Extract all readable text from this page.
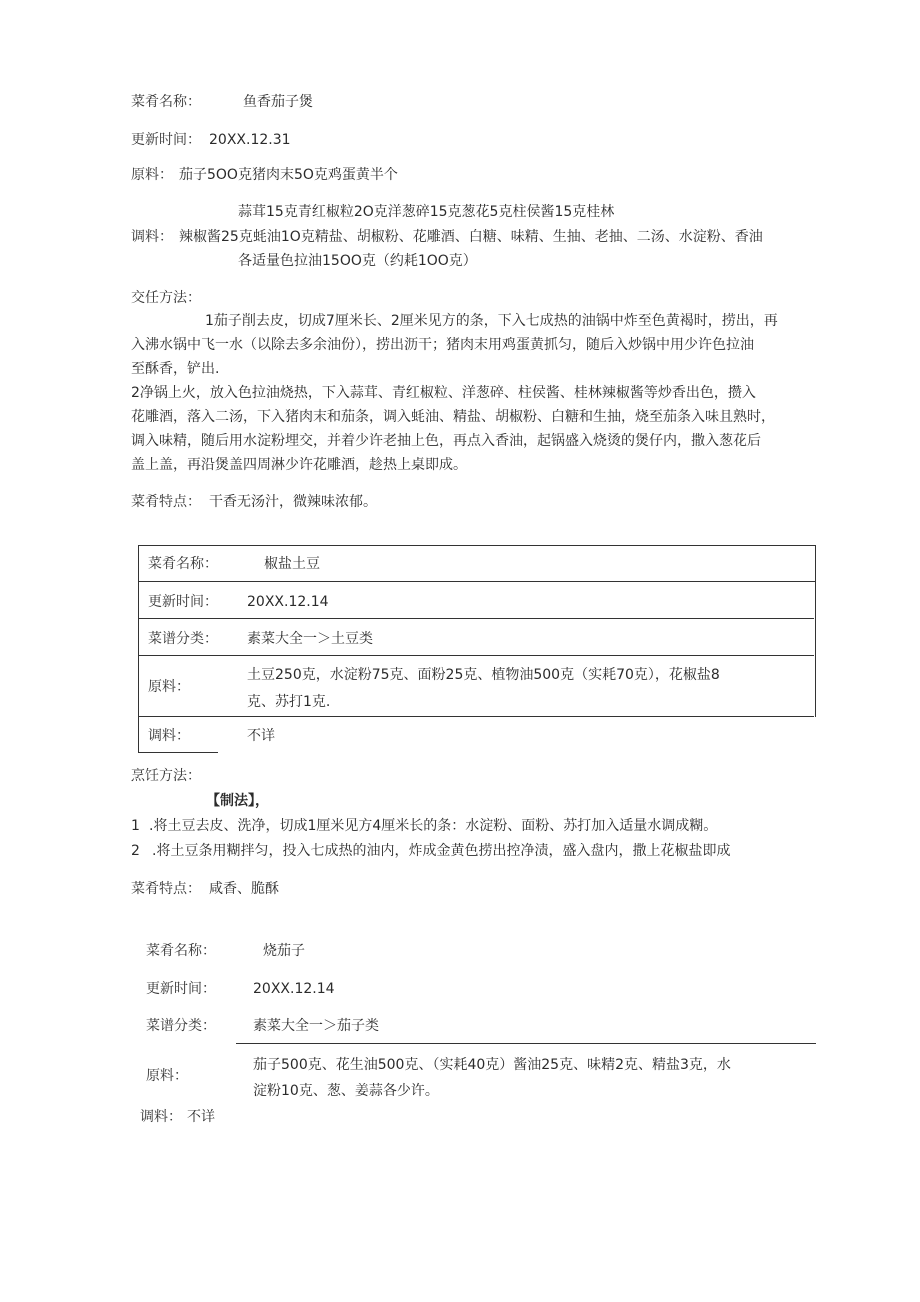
菜肴名称：	鱼香茄子煲
更新时间： 20XX.12.31
原料： 茄子5OO克猪肉末5O克鸡蛋黄半个
蒜茸15克青红椒粒2O克洋葱碎15克葱花5克柱侯酱15克桂林
调料： 辣椒酱25克蚝油1O克精盐、胡椒粉、花雕酒、白糖、味精、生抽、老抽、二汤、水淀粉、香油
各适量色拉油15OO克（约耗1OO克）
交任方法：
1茄子削去皮，切成7厘米长、2厘米见方的条，下入七成热的油锅中炸至色黄褐时，捞出，再
入沸水锅中飞一水（以除去多余油份），捞出沥干；猪肉末用鸡蛋黄抓匀，随后入炒锅中用少许色拉油
至酥香，铲出.
2净锅上火，放入色拉油烧热，下入蒜茸、青红椒粒、洋葱碎、柱侯酱、桂林辣椒酱等炒香出色，攒入
花雕酒，落入二汤，下入猪肉末和茄条，调入蚝油、精盐、胡椒粉、白糖和生抽，烧至茄条入味且熟时，
调入味精，随后用水淀粉埋交，并着少许老抽上色，再点入香油，起锅盛入烧烫的煲仔内，撒入葱花后
盖上盖，再沿煲盖四周淋少许花雕酒，趁热上桌即成。
菜肴特点： 干香无汤汁，微辣味浓郁。
菜肴名称：	椒盐土豆
更新时间： 20XX.12.14
菜谱分类： 素菜大全一＞土豆类
原料：
土豆250克，水淀粉75克、面粉25克、植物油500克（实耗70克），花椒盐8
克、苏打1克.
调料：	不详
烹饪方法：
【制法】，
1 .将土豆去皮、洗净，切成1厘米见方4厘米长的条：水淀粉、面粉、苏打加入适量水调成糊。
2 .将土豆条用糊拌匀，投入七成热的油内，炸成金黄色捞出控净渍，盛入盘内，撒上花椒盐即成
菜肴特点： 咸香、脆酥
菜肴名称：	烧茄子
更新时间：	20XX.12.14
菜谱分类：	素菜大全一＞茄子类
原料：
茄子500克、花生油500克、（实耗40克）酱油25克、味精2克、精盐3克，水
淀粉10克、葱、姜蒜各少许。
调料： 不详
